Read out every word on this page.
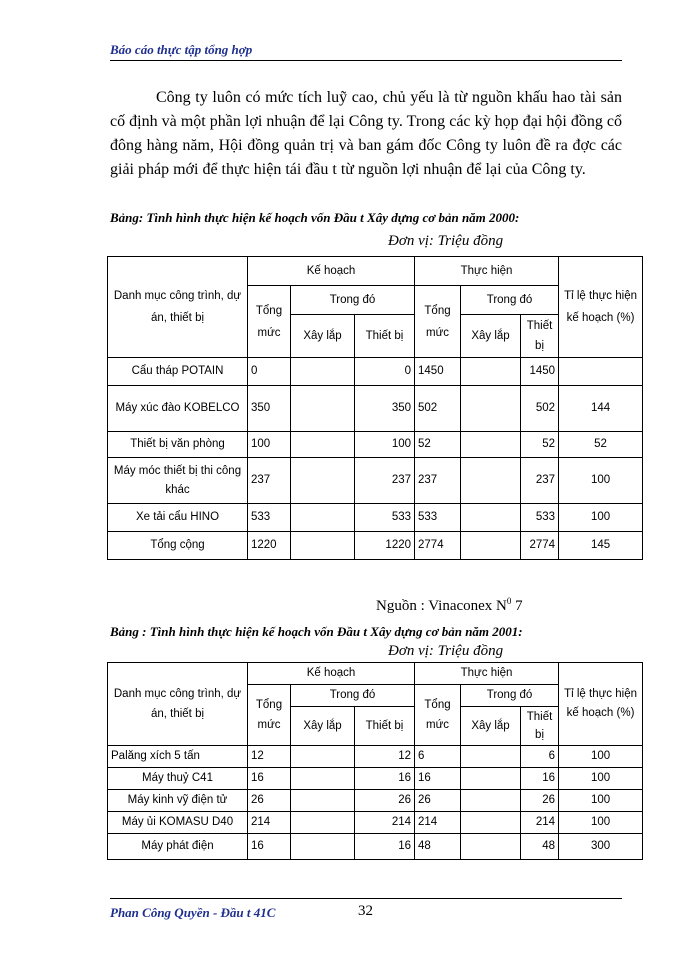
Báo cáo thực tập tổng hợp
Công ty luôn có mức tích luỹ cao, chủ yếu là từ nguồn khấu hao tài sản cố định và một phần lợi nhuận để lại Công ty. Trong các kỳ họp đại hội đồng cổ đông hàng năm, Hội đồng quản trị và ban gám đốc Công ty luôn đề ra đợc các giải pháp mới để thực hiện tái đầu t từ nguồn lợi nhuận để lại của Công ty.
Bảng: Tình hình thực hiện kế hoạch vốn Đầu t Xây dựng cơ bản năm 2000:
Đơn vị: Triệu đồng
Danh mục công trình, dự án, thiết bị	Kế hoạch			Thực hiện			Tỉ lệ thực hiện kế hoạch (%)
	Tổng mức	Trong đó		Tổng mức	Trong đó		
		Xây lắp	Thiết bị		Xây lắp	Thiết bị	
Cẩu tháp POTAIN	0		0	1450		1450	
Máy xúc đào KOBELCO	350		350	502		502	144
Thiết bị văn phòng	100		100	52		52	52
Máy móc thiết bị thi công khác	237		237	237		237	100
Xe tải cẩu HINO	533		533	533		533	100
Tổng cộng	1220		1220	2774		2774	145
Nguồn : Vinaconex $N^0$ 7
Bảng : Tình hình thực hiện kế hoạch vốn Đầu t Xây dựng cơ bản năm 2001:
Đơn vị: Triệu đồng
Danh mục công trình, dự án, thiết bị	Kế hoạch			Thực hiện			Tỉ lệ thực hiện kế hoạch (%)
	Tổng mức	Trong đó		Tổng mức	Trong đó		
		Xây lắp	Thiết bị		Xây lắp	Thiết bị	
Palăng xích 5 tấn	12		12	6		6	100
Máy thuỷ C41	16		16	16		16	100
Máy kinh vỹ điện tử	26		26	26		26	100
Máy ủi KOMASU D40	214		214	214		214	100
Máy phát điện	16		16	48		48	300
Phan Công Quyền - Đầu t 41C	32
